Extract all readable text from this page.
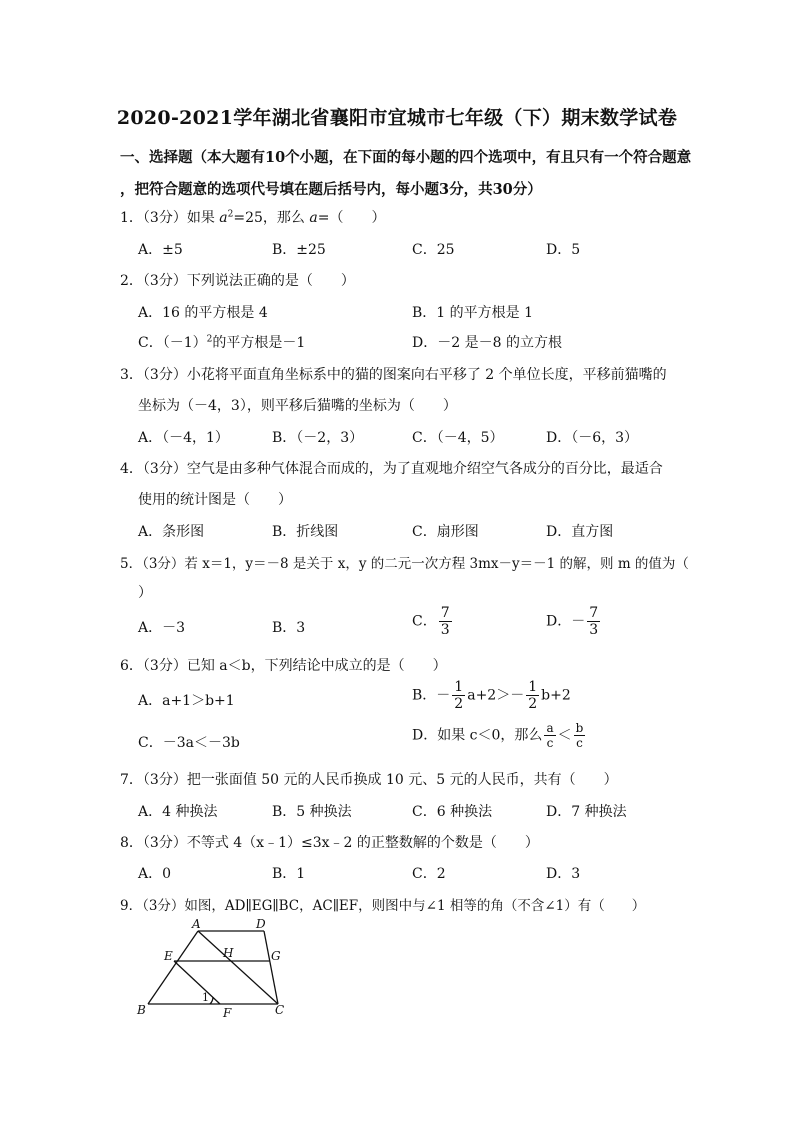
2020-2021学年湖北省襄阳市宜城市七年级（下）期末数学试卷
一、选择题（本大题有10个小题，在下面的每小题的四个选项中，有且只有一个符合题意
，把符合题意的选项代号填在题后括号内，每小题3分，共30分）
1．（3分）如果 $a^2=25$，那么 a=（　　）
A．±5	B．±25	C．25	D．5
2．（3分）下列说法正确的是（　　）
A．16 的平方根是 4	B．1 的平方根是 1
C．$(-1)^2$的平方根是－1	D．－2 是－8 的立方根
3．（3分）小花将平面直角坐标系中的猫的图案向右平移了 2 个单位长度，平移前猫嘴的
坐标为（－4，3），则平移后猫嘴的坐标为（　　）
A．（－4，1）	B．（－2，3）	C．（－4，5）	D．（－6，3）
4．（3分）空气是由多种气体混合而成的，为了直观地介绍空气各成分的百分比，最适合
使用的统计图是（　　）
A．条形图	B．折线图	C．扇形图	D．直方图
5．（3分）若 x＝1，y＝－8 是关于 x，y 的二元一次方程 3mx－y＝－1 的解，则 m 的值为（
）
A．－3	B．3	C． $\frac{7}{3}$	D．－ $\frac{7}{3}$
6．（3分）已知 a＜b，下列结论中成立的是（　　）
A．a+1＞b+1	B．－ $\frac{1}{2} a+2>- \frac{1}{2} b+2$
C．－3a＜－3b	D．如果 c＜0，那么 $\frac{a}{c} < \frac{b}{c}$
7．（3分）把一张面值 50 元的人民币换成 10 元、5 元的人民币，共有（　　）
A．4 种换法	B．5 种换法	C．6 种换法	D．7 种换法
8．（3分）不等式 4（x﹣1）≤3x﹣2 的正整数解的个数是（　　）
A．0	B．1	C．2	D．3
9．（3分）如图，AD∥EG∥BC，AC∥EF，则图中与∠1 相等的角（不含∠1）有（　　）
A	D
E	H	G
B	F	C
1
